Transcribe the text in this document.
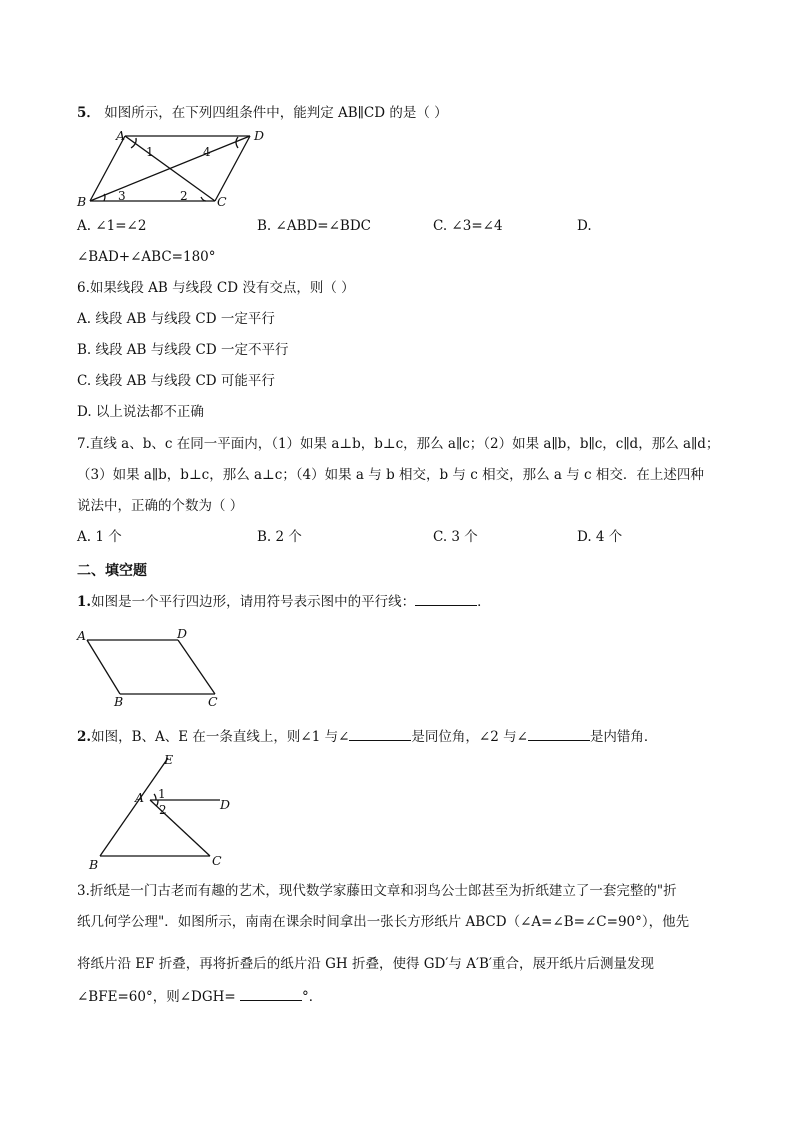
5． 如图所示，在下列四组条件中，能判定 AB∥CD 的是（ ）
A	D
B	C
1	4
3	2
A. ∠1=∠2	B. ∠ABD=∠BDC	C. ∠3=∠4	D.
∠BAD+∠ABC=180°
6.如果线段 AB 与线段 CD 没有交点，则（ ）
A. 线段 AB 与线段 CD 一定平行
B. 线段 AB 与线段 CD 一定不平行
C. 线段 AB 与线段 CD 可能平行
D. 以上说法都不正确
7.直线 a、b、c 在同一平面内，（1）如果 a⊥b，b⊥c，那么 a∥c；（2）如果 a∥b，b∥c，c∥d，那么 a∥d；
（3）如果 a∥b，b⊥c，那么 a⊥c；（4）如果 a 与 b 相交，b 与 c 相交，那么 a 与 c 相交．在上述四种
说法中，正确的个数为（ ）
A. 1 个	B. 2 个	C. 3 个	D. 4 个
二、填空题
1.如图是一个平行四边形，请用符号表示图中的平行线：	．
A	D
B	C
2.如图，B、A、E 在一条直线上，则∠1 与∠	是同位角，∠2 与∠	是内错角．
E
A	D
B	C
1
2
3.折纸是一门古老而有趣的艺术，现代数学家藤田文章和羽鸟公士郎甚至为折纸建立了一套完整的"折
纸几何学公理"．如图所示，南南在课余时间拿出一张长方形纸片 ABCD（∠A=∠B=∠C=90°），他先
将纸片沿 EF 折叠，再将折叠后的纸片沿 GH 折叠，使得 GD′与 A′B′重合，展开纸片后测量发现
∠BFE=60°，则∠DGH=	°．
